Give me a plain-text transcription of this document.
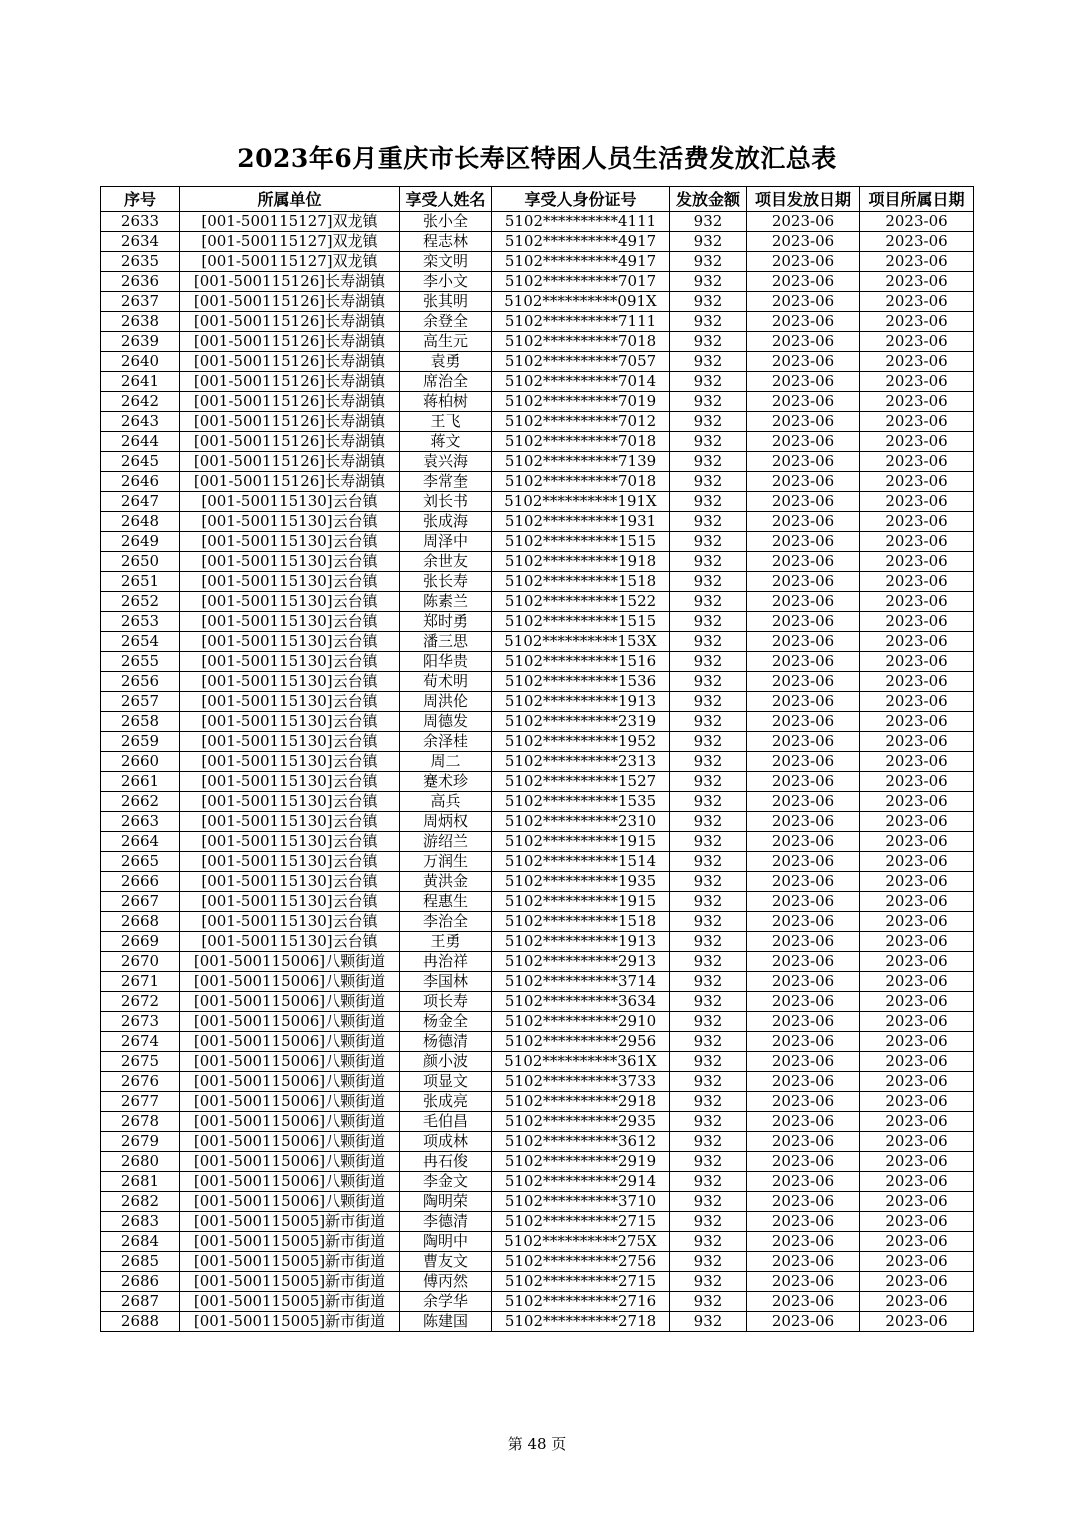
2023年6月重庆市长寿区特困人员生活费发放汇总表
序号	所属单位	享受人姓名	享受人身份证号	发放金额	项目发放日期	项目所属日期
2633	[001-500115127]双龙镇	张小全	5102**********4111	932	2023-06	2023-06
2634	[001-500115127]双龙镇	程志林	5102**********4917	932	2023-06	2023-06
2635	[001-500115127]双龙镇	栾文明	5102**********4917	932	2023-06	2023-06
2636	[001-500115126]长寿湖镇	李小文	5102**********7017	932	2023-06	2023-06
2637	[001-500115126]长寿湖镇	张其明	5102**********091X	932	2023-06	2023-06
2638	[001-500115126]长寿湖镇	余登全	5102**********7111	932	2023-06	2023-06
2639	[001-500115126]长寿湖镇	高生元	5102**********7018	932	2023-06	2023-06
2640	[001-500115126]长寿湖镇	袁勇	5102**********7057	932	2023-06	2023-06
2641	[001-500115126]长寿湖镇	席治全	5102**********7014	932	2023-06	2023-06
2642	[001-500115126]长寿湖镇	蒋柏树	5102**********7019	932	2023-06	2023-06
2643	[001-500115126]长寿湖镇	王飞	5102**********7012	932	2023-06	2023-06
2644	[001-500115126]长寿湖镇	蒋文	5102**********7018	932	2023-06	2023-06
2645	[001-500115126]长寿湖镇	袁兴海	5102**********7139	932	2023-06	2023-06
2646	[001-500115126]长寿湖镇	李常奎	5102**********7018	932	2023-06	2023-06
2647	[001-500115130]云台镇	刘长书	5102**********191X	932	2023-06	2023-06
2648	[001-500115130]云台镇	张成海	5102**********1931	932	2023-06	2023-06
2649	[001-500115130]云台镇	周泽中	5102**********1515	932	2023-06	2023-06
2650	[001-500115130]云台镇	余世友	5102**********1918	932	2023-06	2023-06
2651	[001-500115130]云台镇	张长寿	5102**********1518	932	2023-06	2023-06
2652	[001-500115130]云台镇	陈素兰	5102**********1522	932	2023-06	2023-06
2653	[001-500115130]云台镇	郑时勇	5102**********1515	932	2023-06	2023-06
2654	[001-500115130]云台镇	潘三思	5102**********153X	932	2023-06	2023-06
2655	[001-500115130]云台镇	阳华贵	5102**********1516	932	2023-06	2023-06
2656	[001-500115130]云台镇	荀术明	5102**********1536	932	2023-06	2023-06
2657	[001-500115130]云台镇	周洪伦	5102**********1913	932	2023-06	2023-06
2658	[001-500115130]云台镇	周德发	5102**********2319	932	2023-06	2023-06
2659	[001-500115130]云台镇	余泽桂	5102**********1952	932	2023-06	2023-06
2660	[001-500115130]云台镇	周二	5102**********2313	932	2023-06	2023-06
2661	[001-500115130]云台镇	蹇术珍	5102**********1527	932	2023-06	2023-06
2662	[001-500115130]云台镇	高兵	5102**********1535	932	2023-06	2023-06
2663	[001-500115130]云台镇	周炳权	5102**********2310	932	2023-06	2023-06
2664	[001-500115130]云台镇	游绍兰	5102**********1915	932	2023-06	2023-06
2665	[001-500115130]云台镇	万润生	5102**********1514	932	2023-06	2023-06
2666	[001-500115130]云台镇	黄洪金	5102**********1935	932	2023-06	2023-06
2667	[001-500115130]云台镇	程惠生	5102**********1915	932	2023-06	2023-06
2668	[001-500115130]云台镇	李治全	5102**********1518	932	2023-06	2023-06
2669	[001-500115130]云台镇	王勇	5102**********1913	932	2023-06	2023-06
2670	[001-500115006]八颗街道	冉治祥	5102**********2913	932	2023-06	2023-06
2671	[001-500115006]八颗街道	李国林	5102**********3714	932	2023-06	2023-06
2672	[001-500115006]八颗街道	项长寿	5102**********3634	932	2023-06	2023-06
2673	[001-500115006]八颗街道	杨金全	5102**********2910	932	2023-06	2023-06
2674	[001-500115006]八颗街道	杨德清	5102**********2956	932	2023-06	2023-06
2675	[001-500115006]八颗街道	颜小波	5102**********361X	932	2023-06	2023-06
2676	[001-500115006]八颗街道	项显文	5102**********3733	932	2023-06	2023-06
2677	[001-500115006]八颗街道	张成亮	5102**********2918	932	2023-06	2023-06
2678	[001-500115006]八颗街道	毛伯昌	5102**********2935	932	2023-06	2023-06
2679	[001-500115006]八颗街道	项成林	5102**********3612	932	2023-06	2023-06
2680	[001-500115006]八颗街道	冉石俊	5102**********2919	932	2023-06	2023-06
2681	[001-500115006]八颗街道	李金文	5102**********2914	932	2023-06	2023-06
2682	[001-500115006]八颗街道	陶明荣	5102**********3710	932	2023-06	2023-06
2683	[001-500115005]新市街道	李德清	5102**********2715	932	2023-06	2023-06
2684	[001-500115005]新市街道	陶明中	5102**********275X	932	2023-06	2023-06
2685	[001-500115005]新市街道	曹友文	5102**********2756	932	2023-06	2023-06
2686	[001-500115005]新市街道	傅丙然	5102**********2715	932	2023-06	2023-06
2687	[001-500115005]新市街道	余学华	5102**********2716	932	2023-06	2023-06
2688	[001-500115005]新市街道	陈建国	5102**********2718	932	2023-06	2023-06
第 48 页
